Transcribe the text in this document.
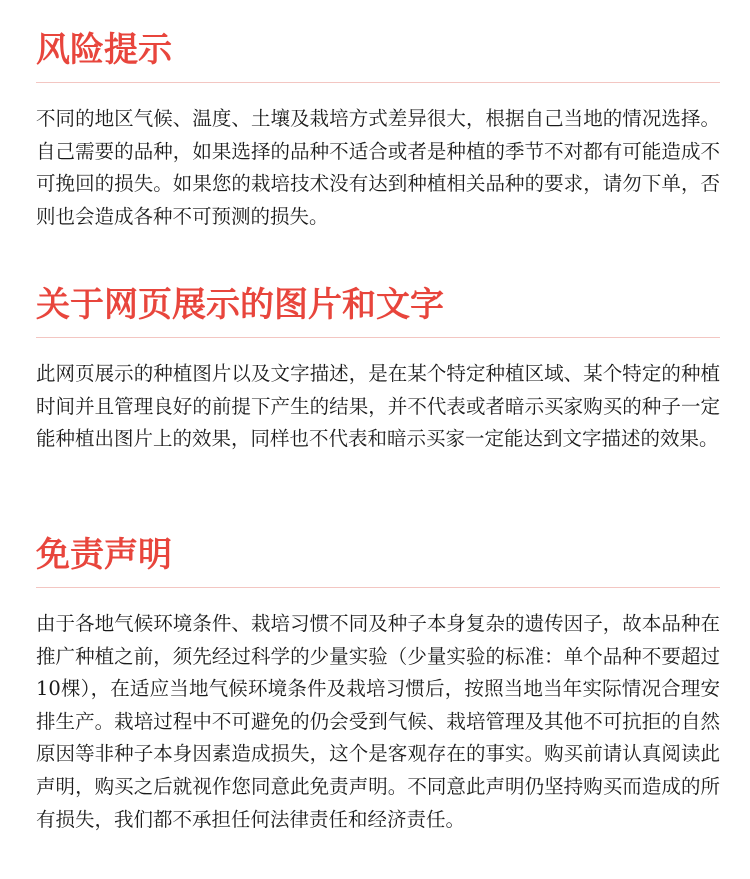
风险提示

不同的地区气候、温度、土壤及栽培方式差异很大，根据自己当地的情况选择。自己需要的品种，如果选择的品种不适合或者是种植的季节不对都有可能造成不可挽回的损失。如果您的栽培技术没有达到种植相关品种的要求，请勿下单，否则也会造成各种不可预测的损失。

关于网页展示的图片和文字

此网页展示的种植图片以及文字描述，是在某个特定种植区域、某个特定的种植时间并且管理良好的前提下产生的结果，并不代表或者暗示买家购买的种子一定能种植出图片上的效果，同样也不代表和暗示买家一定能达到文字描述的效果。

免责声明

由于各地气候环境条件、栽培习惯不同及种子本身复杂的遗传因子，故本品种在推广种植之前，须先经过科学的少量实验（少量实验的标准：单个品种不要超过10棵），在适应当地气候环境条件及栽培习惯后，按照当地当年实际情况合理安排生产。栽培过程中不可避免的仍会受到气候、栽培管理及其他不可抗拒的自然原因等非种子本身因素造成损失，这个是客观存在的事实。购买前请认真阅读此声明，购买之后就视作您同意此免责声明。不同意此声明仍坚持购买而造成的所有损失，我们都不承担任何法律责任和经济责任。
